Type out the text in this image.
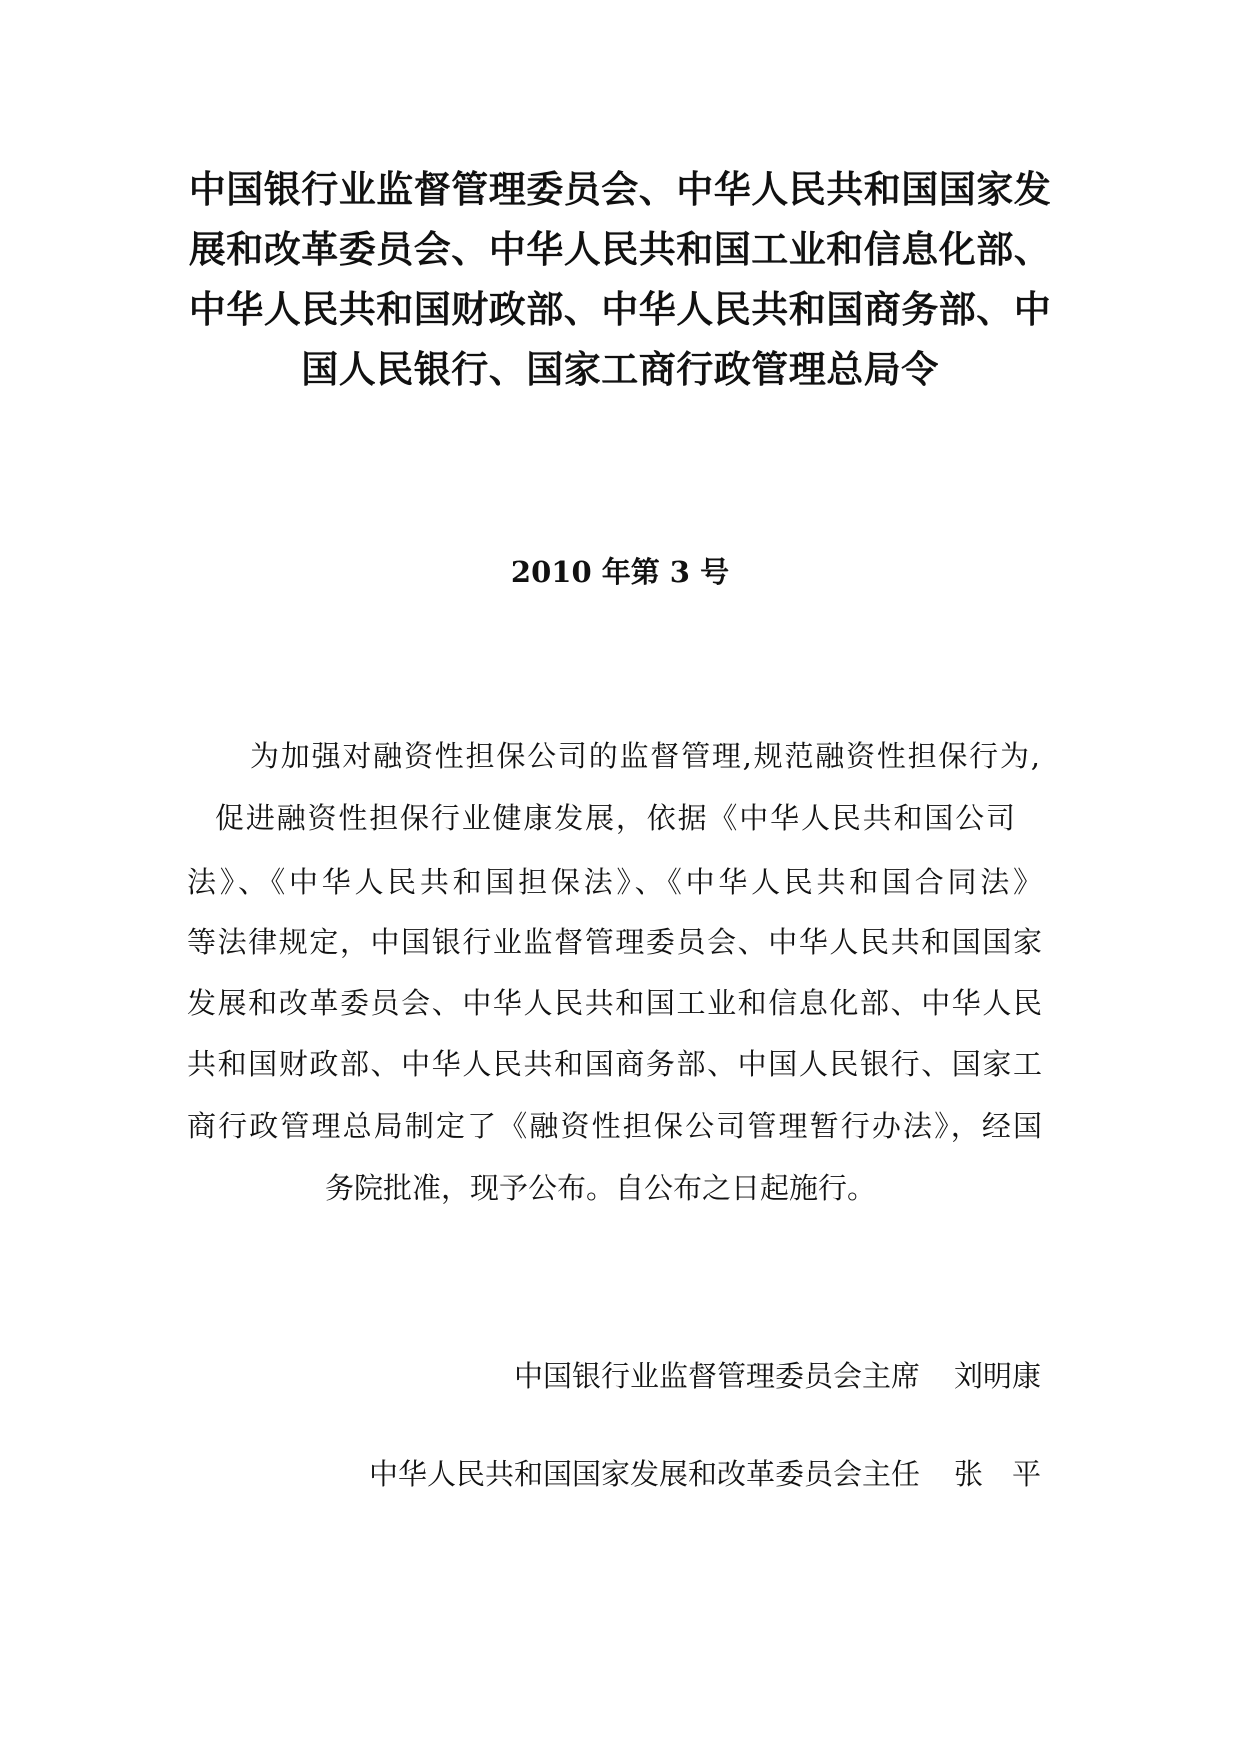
中国银行业监督管理委员会、中华人民共和国国家发
展和改革委员会、中华人民共和国工业和信息化部、
中华人民共和国财政部、中华人民共和国商务部、中
国人民银行、国家工商行政管理总局令
2010 年第 3 号
为加强对融资性担保公司的监督管理,规范融资性担保行为,
促进融资性担保行业健康发展，依据《中华人民共和国公司
法》、《中华人民共和国担保法》、《中华人民共和国合同法》
等法律规定，中国银行业监督管理委员会、中华人民共和国国家
发展和改革委员会、中华人民共和国工业和信息化部、中华人民
共和国财政部、中华人民共和国商务部、中国人民银行、国家工
商行政管理总局制定了《融资性担保公司管理暂行办法》，经国
务院批准，现予公布。自公布之日起施行。
中国银行业监督管理委员会主席 刘明康
中华人民共和国国家发展和改革委员会主任 张　平
